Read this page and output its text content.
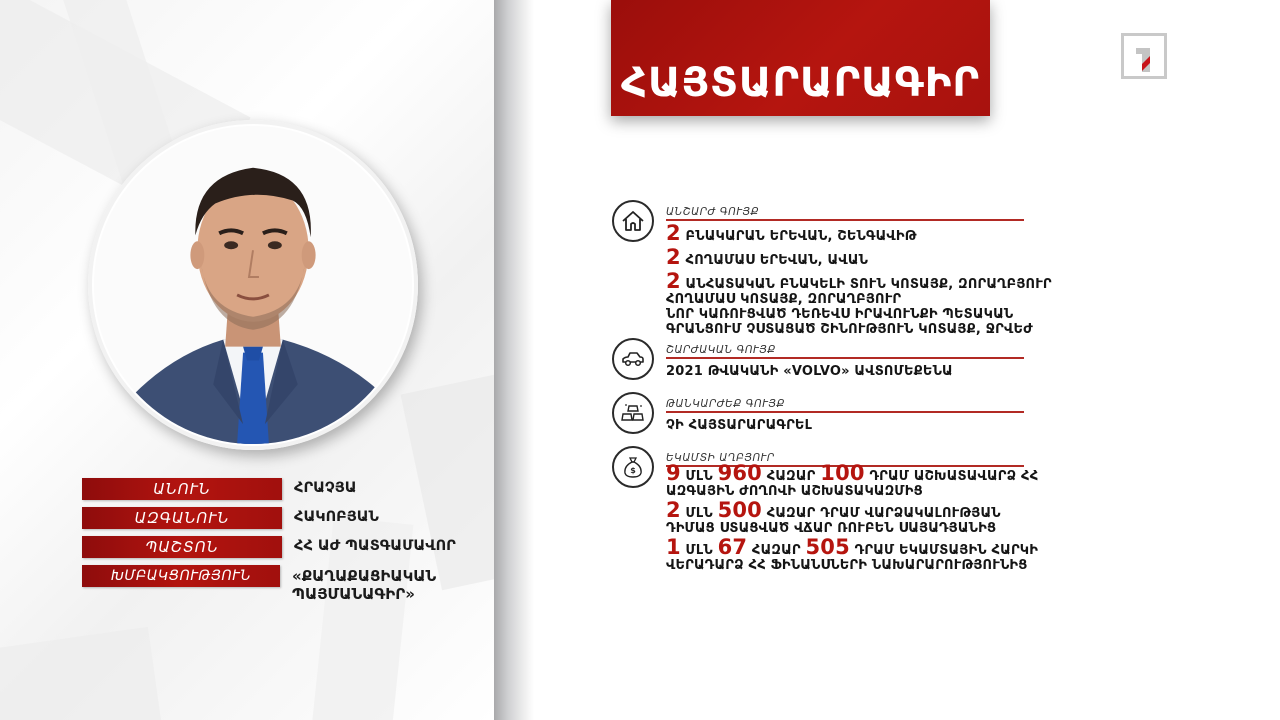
ԱՆՈՒՆ	ՀՐԱՉՅԱ
ԱԶԳԱՆՈՒՆ	ՀԱԿՈԲՅԱՆ
ՊԱՇՏՈՆ	ՀՀ ԱԺ ՊԱՏԳԱՄԱՎՈՐ
ԽՄԲԱԿՑՈՒԹՅՈՒՆ	«ՔԱՂԱՔԱՑԻԱԿԱՆ ՊԱՅՄԱՆԱԳԻՐ»
ՀԱՅՏԱՐԱՐԱԳԻՐ
ԱՆՇԱՐԺ ԳՈՒՅՔ
2 ԲՆԱԿԱՐԱՆ ԵՐԵՎԱՆ, ՇԵՆԳԱՎԻԹ
2 ՀՈՂԱՄԱՍ ԵՐԵՎԱՆ, ԱՎԱՆ
2 ԱՆՀԱՏԱԿԱՆ ԲՆԱԿԵԼԻ ՏՈՒՆ ԿՈՏԱՅՔ, ԶՈՐԱՂԲՅՈՒՐ
ՀՈՂԱՄԱՍ ԿՈՏԱՅՔ, ԶՈՐԱՂԲՅՈՒՐ
ՆՈՐ ԿԱՌՈՒՑՎԱԾ ԴԵՌԵՎՍ ԻՐԱՎՈՒՆՔԻ ՊԵՏԱԿԱՆ ԳՐԱՆՑՈՒՄ ՉՍՏԱՑԱԾ ՇԻՆՈՒԹՅՈՒՆ ԿՈՏԱՅՔ, ՋՐՎԵԺ
ՇԱՐԺԱԿԱՆ ԳՈՒՅՔ
2021 ԹՎԱԿԱՆԻ «VOLVO» ԱՎՏՈՄԵՔԵՆԱ
ԹԱՆԿԱՐԺԵՔ ԳՈՒՅՔ
ՉԻ ՀԱՅՏԱՐԱՐԱԳՐԵԼ
$
ԵԿԱՄՏԻ ԱՂԲՅՈՒՐ
9 ՄԼՆ 960 ՀԱԶԱՐ 100 ԴՐԱՄ ԱՇԽԱՏԱՎԱՐՁ ՀՀ ԱԶԳԱՅԻՆ ԺՈՂՈՎԻ ԱՇԽԱՏԱԿԱԶՄԻՑ
2 ՄԼՆ 500 ՀԱԶԱՐ ԴՐԱՄ ՎԱՐՁԱԿԱԼՈՒԹՅԱՆ ԴԻՄԱՑ ՍՏԱՑՎԱԾ ՎՃԱՐ ՌՈՒԲԵՆ ՍԱՅԱԴՅԱՆԻՑ
1 ՄԼՆ 67 ՀԱԶԱՐ 505 ԴՐԱՄ ԵԿԱՄՏԱՅԻՆ ՀԱՐԿԻ ՎԵՐԱԴԱՐՁ ՀՀ ՖԻՆԱՆՍՆԵՐԻ ՆԱԽԱՐԱՐՈՒԹՅՈՒՆԻՑ
